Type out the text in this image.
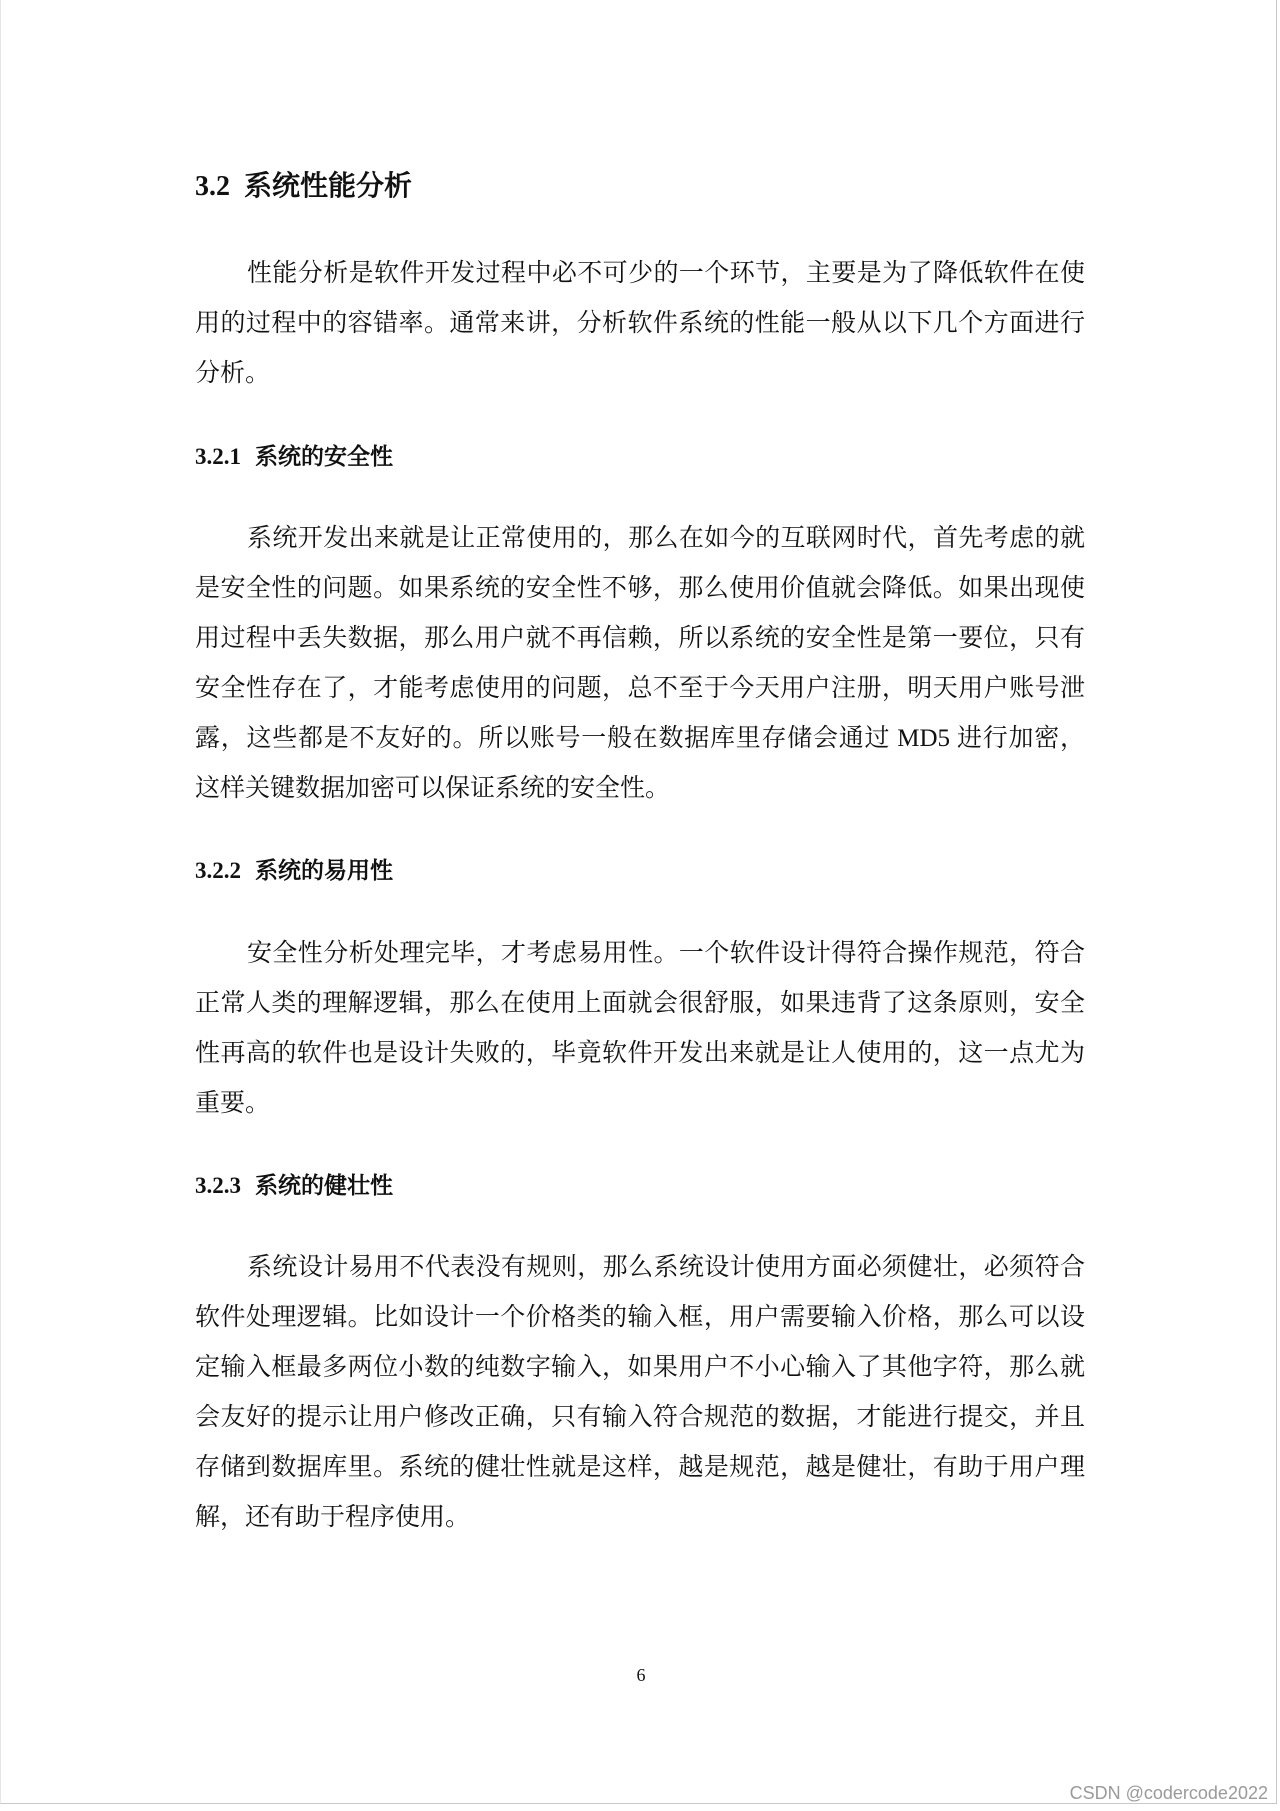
3.2 系统性能分析
性能分析是软件开发过程中必不可少的一个环节，主要是为了降低软件在使
用的过程中的容错率。通常来讲，分析软件系统的性能一般从以下几个方面进行
分析。
3.2.1 系统的安全性
系统开发出来就是让正常使用的，那么在如今的互联网时代，首先考虑的就
是安全性的问题。如果系统的安全性不够，那么使用价值就会降低。如果出现使
用过程中丢失数据，那么用户就不再信赖，所以系统的安全性是第一要位，只有
安全性存在了，才能考虑使用的问题，总不至于今天用户注册，明天用户账号泄
露，这些都是不友好的。所以账号一般在数据库里存储会通过 MD5 进行加密，
这样关键数据加密可以保证系统的安全性。
3.2.2 系统的易用性
安全性分析处理完毕，才考虑易用性。一个软件设计得符合操作规范，符合
正常人类的理解逻辑，那么在使用上面就会很舒服，如果违背了这条原则，安全
性再高的软件也是设计失败的，毕竟软件开发出来就是让人使用的，这一点尤为
重要。
3.2.3 系统的健壮性
系统设计易用不代表没有规则，那么系统设计使用方面必须健壮，必须符合
软件处理逻辑。比如设计一个价格类的输入框，用户需要输入价格，那么可以设
定输入框最多两位小数的纯数字输入，如果用户不小心输入了其他字符，那么就
会友好的提示让用户修改正确，只有输入符合规范的数据，才能进行提交，并且
存储到数据库里。系统的健壮性就是这样，越是规范，越是健壮，有助于用户理
解，还有助于程序使用。
6
CSDN @codercode2022
